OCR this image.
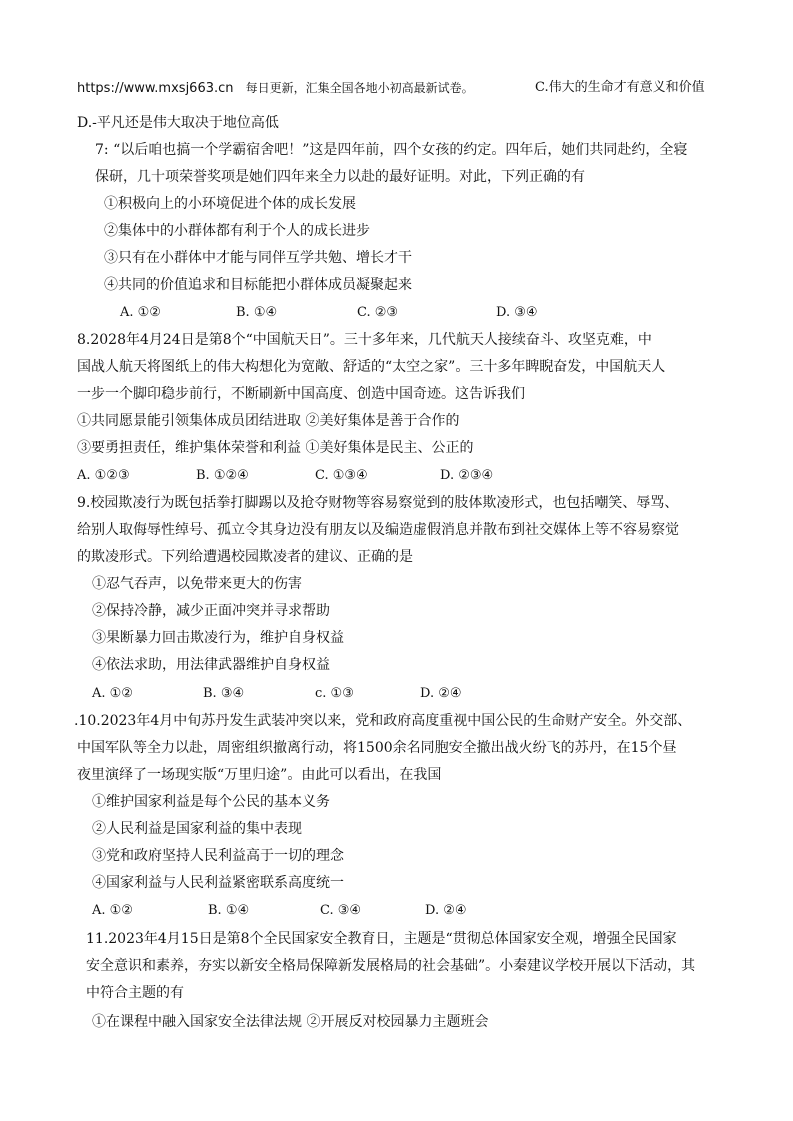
https://www.mxsj663.cn 每日更新，汇集全国各地小初高最新试卷。	C.伟大的生命才有意义和价值
D.-平凡还是伟大取决于地位高低
7: “以后咱也搞一个学霸宿舍吧！”这是四年前，四个女孩的约定。四年后，她们共同赴约，全寝
保研，几十项荣誉奖项是她们四年来全力以赴的最好证明。对此，下列正确的有
①积极向上的小环境促进个体的成长发展
②集体中的小群体都有利于个人的成长进步
③只有在小群体中才能与同伴互学共勉、增长才干
④共同的价值追求和目标能把小群体成员凝聚起来
A. ①②	B. ①④	C. ②③	D. ③④
8.2028年4月24日是第8个“中国航天日”。三十多年来，几代航天人接续奋斗、攻坚克难，中
国战人航天将图纸上的伟大构想化为宽敞、舒适的“太空之家”。三十多年睥睨奋发，中国航天人
一步一个脚印稳步前行，不断刷新中国高度、创造中国奇迹。这告诉我们
①共同愿景能引领集体成员团结进取 ②美好集体是善于合作的
③要勇担责任，维护集体荣誉和利益 ①美好集体是民主、公正的
A. ①②③	B. ①②④	C. ①③④	D. ②③④
9.校园欺凌行为既包括拳打脚踢以及抢夺财物等容易察觉到的肢体欺凌形式，也包括嘲笑、辱骂、
给别人取侮辱性绰号、孤立令其身边没有朋友以及编造虚假消息并散布到社交媒体上等不容易察觉
的欺凌形式。下列给遭遇校园欺凌者的建议、正确的是
①忍气吞声，以免带来更大的伤害
②保持冷静，减少正面冲突并寻求帮助
③果断暴力回击欺凌行为，维护自身权益
④依法求助，用法律武器维护自身权益
A. ①②	B. ③④	c. ①③	D. ②④
.10.2023年4月中旬苏丹发生武装冲突以来，党和政府高度重视中国公民的生命财产安全。外交部、
中国军队等全力以赴，周密组织撤离行动，将1500余名同胞安全撤出战火纷飞的苏丹，在15个昼
夜里演绎了一场现实版“万里归途”。由此可以看出，在我国
①维护国家利益是每个公民的基本义务
②人民利益是国家利益的集中表现
③党和政府坚持人民利益高于一切的理念
④国家利益与人民利益紧密联系高度统一
A. ①②	B. ①④	C. ③④	D. ②④
11.2023年4月15日是第8个全民国家安全教育日，主题是“贯彻总体国家安全观，增强全民国家
安全意识和素养，夯实以新安全格局保障新发展格局的社会基础”。小秦建议学校开展以下活动，其
中符合主题的有
①在课程中融入国家安全法律法规 ②开展反对校园暴力主题班会
